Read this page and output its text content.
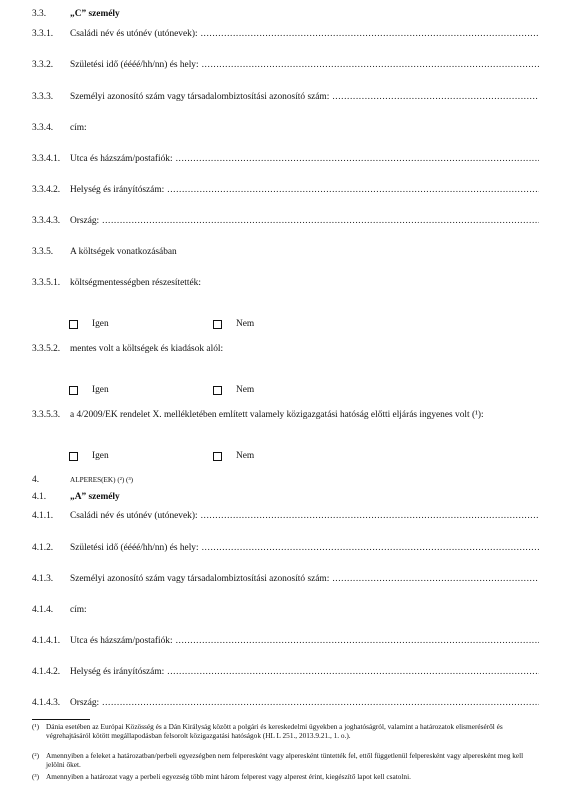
3.3.	„C” személy
3.3.1. Családi név és utónév (utónevek):
.....
3.3.2. Születési idő (éééé/hh/nn) és hely:
.....
3.3.3. Személyi azonosító szám vagy társadalombiztosítási azonosító szám:
.....
3.3.4. cím:
3.3.4.1. Utca és házszám/postafiók:
.....
3.3.4.2. Helység és irányítószám:
.....
3.3.4.3. Ország:
.....
3.3.5. A költségek vonatkozásában
3.3.5.1. költségmentességben részesítették:
Igen	Nem
3.3.5.2. mentes volt a költségek és kiadások alól:
Igen	Nem
3.3.5.3. a 4/2009/EK rendelet X. mellékletében említett valamely közigazgatási hatóság előtti eljárás ingyenes volt (¹):
Igen	Nem
4.	ALPERES(EK) (²) (³)
4.1.	„A” személy
4.1.1. Családi név és utónév (utónevek):
.....
4.1.2. Születési idő (éééé/hh/nn) és hely:
.....
4.1.3. Személyi azonosító szám vagy társadalombiztosítási azonosító szám:
.....
4.1.4. cím:
4.1.4.1. Utca és házszám/postafiók:
.....
4.1.4.2. Helység és irányítószám:
.....
4.1.4.3. Ország:
.....
(¹) Dánia esetében az Európai Közösség és a Dán Királyság között a polgári és kereskedelmi ügyekben a joghatóságról, valamint a határozatok elismeréséről és végrehajtásáról kötött megállapodásban felsorolt közigazgatási hatóságok (HL L 251., 2013.9.21., 1. o.).
(²) Amennyiben a feleket a határozatban/perbeli egyezségben nem felperesként vagy alperesként tüntették fel, ettől függetlenül felperesként vagy alperesként meg kell jelölni őket.
(³) Amennyiben a határozat vagy a perbeli egyezség több mint három felperest vagy alperest érint, kiegészítő lapot kell csatolni.
